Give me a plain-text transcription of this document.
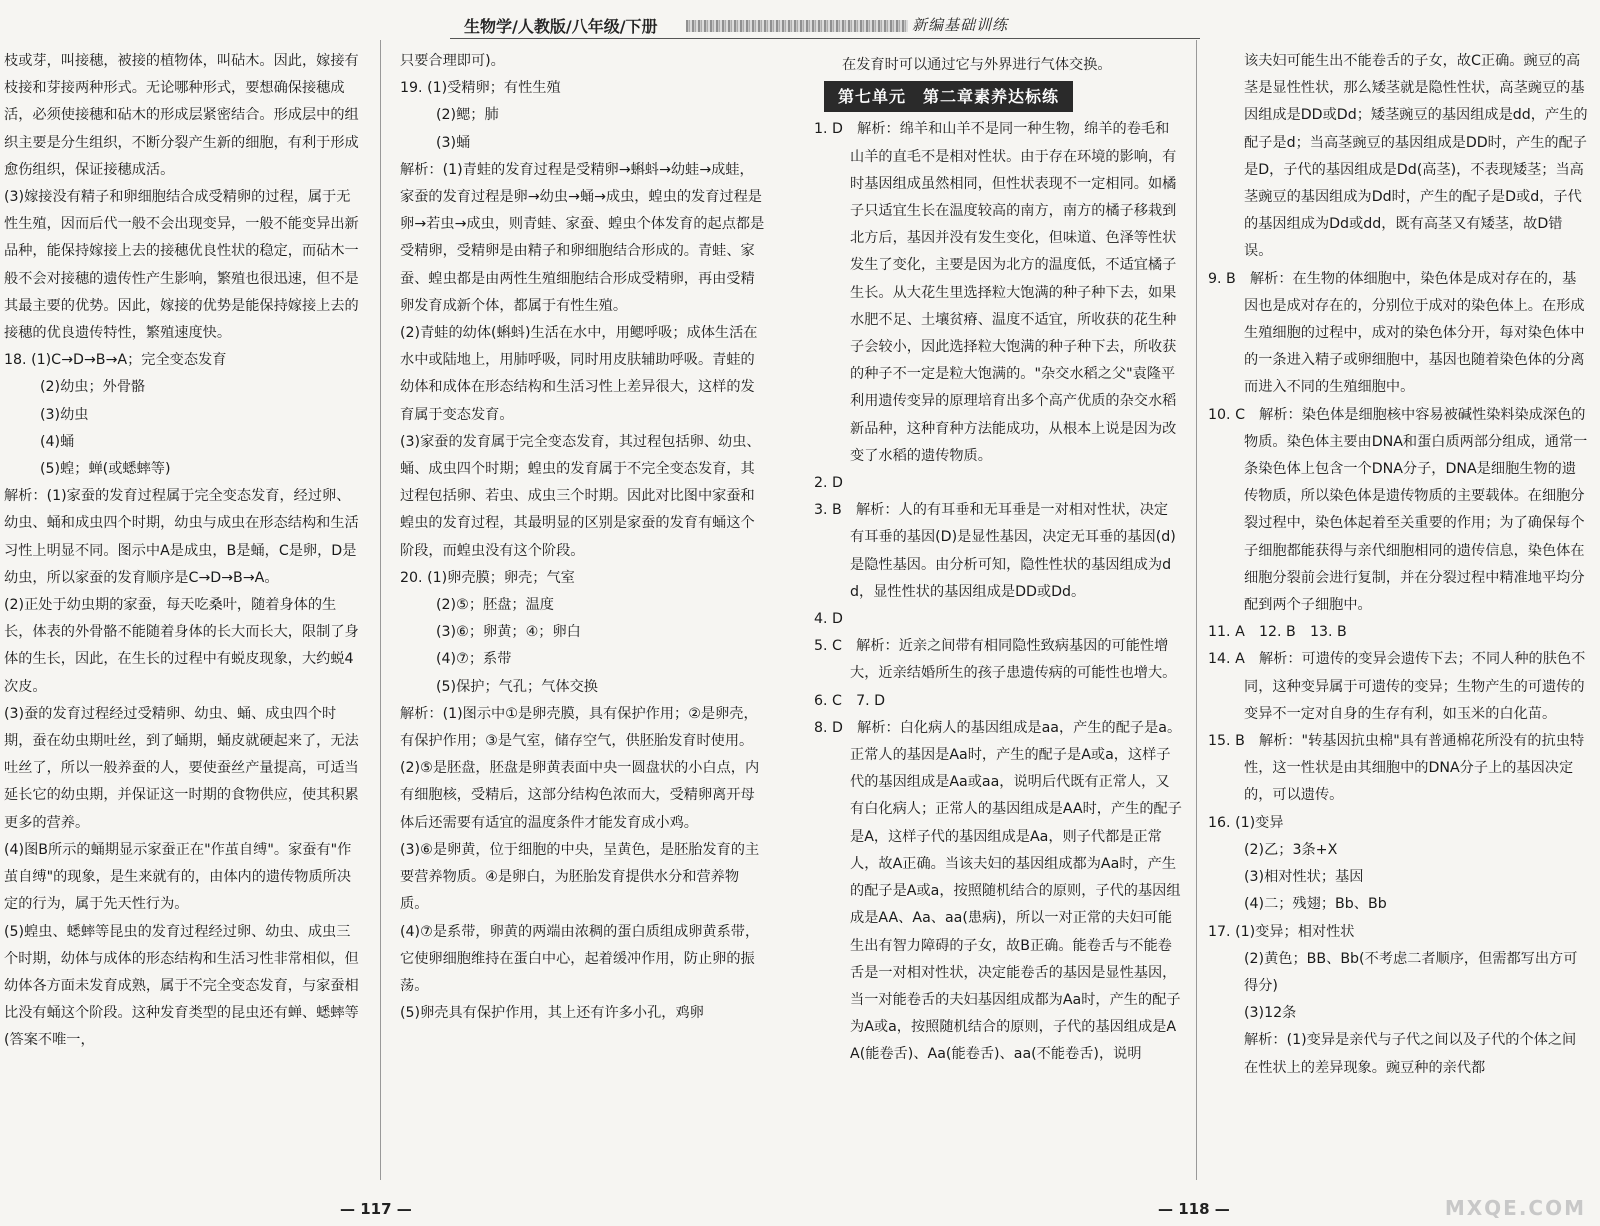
生物学/人教版/八年级/下册	新编基础训练

枝或芽，叫接穗，被接的植物体，叫砧木。因此，嫁接有枝接和芽接两种形式。无论哪种形式，要想确保接穗成活，必须使接穗和砧木的形成层紧密结合。形成层中的组织主要是分生组织，不断分裂产生新的细胞，有利于形成愈伤组织，保证接穗成活。

(3)嫁接没有精子和卵细胞结合成受精卵的过程，属于无性生殖，因而后代一般不会出现变异，一般不能变异出新品种，能保持嫁接上去的接穗优良性状的稳定，而砧木一般不会对接穗的遗传性产生影响，繁殖也很迅速，但不是其最主要的优势。因此，嫁接的优势是能保持嫁接上去的接穗的优良遗传特性，繁殖速度快。

18. (1)C→D→B→A；完全变态发育

(2)幼虫；外骨骼

(3)幼虫

(4)蛹

(5)蝗；蝉(或蟋蟀等)

解析：(1)家蚕的发育过程属于完全变态发育，经过卵、幼虫、蛹和成虫四个时期，幼虫与成虫在形态结构和生活习性上明显不同。图示中A是成虫，B是蛹，C是卵，D是幼虫，所以家蚕的发育顺序是C→D→B→A。

(2)正处于幼虫期的家蚕，每天吃桑叶，随着身体的生长，体表的外骨骼不能随着身体的长大而长大，限制了身体的生长，因此，在生长的过程中有蜕皮现象，大约蜕4次皮。

(3)蚕的发育过程经过受精卵、幼虫、蛹、成虫四个时期，蚕在幼虫期吐丝，到了蛹期，蛹皮就硬起来了，无法吐丝了，所以一般养蚕的人，要使蚕丝产量提高，可适当延长它的幼虫期，并保证这一时期的食物供应，使其积累更多的营养。

(4)图B所示的蛹期显示家蚕正在"作茧自缚"。家蚕有"作茧自缚"的现象，是生来就有的，由体内的遗传物质所决定的行为，属于先天性行为。

(5)蝗虫、蟋蟀等昆虫的发育过程经过卵、幼虫、成虫三个时期，幼体与成体的形态结构和生活习性非常相似，但幼体各方面未发育成熟，属于不完全变态发育，与家蚕相比没有蛹这个阶段。这种发育类型的昆虫还有蝉、蟋蟀等(答案不唯一，

只要合理即可)。

19. (1)受精卵；有性生殖

(2)鳃；肺

(3)蛹

解析：(1)青蛙的发育过程是受精卵→蝌蚪→幼蛙→成蛙，家蚕的发育过程是卵→幼虫→蛹→成虫，蝗虫的发育过程是卵→若虫→成虫，则青蛙、家蚕、蝗虫个体发育的起点都是受精卵，受精卵是由精子和卵细胞结合形成的。青蛙、家蚕、蝗虫都是由两性生殖细胞结合形成受精卵，再由受精卵发育成新个体，都属于有性生殖。

(2)青蛙的幼体(蝌蚪)生活在水中，用鳃呼吸；成体生活在水中或陆地上，用肺呼吸，同时用皮肤辅助呼吸。青蛙的幼体和成体在形态结构和生活习性上差异很大，这样的发育属于变态发育。

(3)家蚕的发育属于完全变态发育，其过程包括卵、幼虫、蛹、成虫四个时期；蝗虫的发育属于不完全变态发育，其过程包括卵、若虫、成虫三个时期。因此对比图中家蚕和蝗虫的发育过程，其最明显的区别是家蚕的发育有蛹这个阶段，而蝗虫没有这个阶段。

20. (1)卵壳膜；卵壳；气室

(2)⑤；胚盘；温度

(3)⑥；卵黄；④；卵白

(4)⑦；系带

(5)保护；气孔；气体交换

解析：(1)图示中①是卵壳膜，具有保护作用；②是卵壳，有保护作用；③是气室，储存空气，供胚胎发育时使用。

(2)⑤是胚盘，胚盘是卵黄表面中央一圆盘状的小白点，内有细胞核，受精后，这部分结构色浓而大，受精卵离开母体后还需要有适宜的温度条件才能发育成小鸡。

(3)⑥是卵黄，位于细胞的中央，呈黄色，是胚胎发育的主要营养物质。④是卵白，为胚胎发育提供水分和营养物质。

(4)⑦是系带，卵黄的两端由浓稠的蛋白质组成卵黄系带，它使卵细胞维持在蛋白中心，起着缓冲作用，防止卵的振荡。

(5)卵壳具有保护作用，其上还有许多小孔，鸡卵

在发育时可以通过它与外界进行气体交换。

第七单元　第二章素养达标练

1. D　解析：绵羊和山羊不是同一种生物，绵羊的卷毛和山羊的直毛不是相对性状。由于存在环境的影响，有时基因组成虽然相同，但性状表现不一定相同。如橘子只适宜生长在温度较高的南方，南方的橘子移栽到北方后，基因并没有发生变化，但味道、色泽等性状发生了变化，主要是因为北方的温度低，不适宜橘子生长。从大花生里选择粒大饱满的种子种下去，如果水肥不足、土壤贫瘠、温度不适宜，所收获的花生种子会较小，因此选择粒大饱满的种子种下去，所收获的种子不一定是粒大饱满的。"杂交水稻之父"袁隆平利用遗传变异的原理培育出多个高产优质的杂交水稻新品种，这种育种方法能成功，从根本上说是因为改变了水稻的遗传物质。

2. D

3. B　解析：人的有耳垂和无耳垂是一对相对性状，决定有耳垂的基因(D)是显性基因，决定无耳垂的基因(d)是隐性基因。由分析可知，隐性性状的基因组成为dd，显性性状的基因组成是DD或Dd。

4. D

5. C　解析：近亲之间带有相同隐性致病基因的可能性增大，近亲结婚所生的孩子患遗传病的可能性也增大。

6. C　7. D

8. D　解析：白化病人的基因组成是aa，产生的配子是a。正常人的基因是Aa时，产生的配子是A或a，这样子代的基因组成是Aa或aa，说明后代既有正常人，又有白化病人；正常人的基因组成是AA时，产生的配子是A，这样子代的基因组成是Aa，则子代都是正常人，故A正确。当该夫妇的基因组成都为Aa时，产生的配子是A或a，按照随机结合的原则，子代的基因组成是AA、Aa、aa(患病)，所以一对正常的夫妇可能生出有智力障碍的子女，故B正确。能卷舌与不能卷舌是一对相对性状，决定能卷舌的基因是显性基因，当一对能卷舌的夫妇基因组成都为Aa时，产生的配子为A或a，按照随机结合的原则，子代的基因组成是AA(能卷舌)、Aa(能卷舌)、aa(不能卷舌)，说明

该夫妇可能生出不能卷舌的子女，故C正确。豌豆的高茎是显性性状，那么矮茎就是隐性性状，高茎豌豆的基因组成是DD或Dd；矮茎豌豆的基因组成是dd，产生的配子是d；当高茎豌豆的基因组成是DD时，产生的配子是D，子代的基因组成是Dd(高茎)，不表现矮茎；当高茎豌豆的基因组成为Dd时，产生的配子是D或d，子代的基因组成为Dd或dd，既有高茎又有矮茎，故D错误。

9. B　解析：在生物的体细胞中，染色体是成对存在的，基因也是成对存在的，分别位于成对的染色体上。在形成生殖细胞的过程中，成对的染色体分开，每对染色体中的一条进入精子或卵细胞中，基因也随着染色体的分离而进入不同的生殖细胞中。

10. C　解析：染色体是细胞核中容易被碱性染料染成深色的物质。染色体主要由DNA和蛋白质两部分组成，通常一条染色体上包含一个DNA分子，DNA是细胞生物的遗传物质，所以染色体是遗传物质的主要载体。在细胞分裂过程中，染色体起着至关重要的作用；为了确保每个子细胞都能获得与亲代细胞相同的遗传信息，染色体在细胞分裂前会进行复制，并在分裂过程中精准地平均分配到两个子细胞中。

11. A　12. B　13. B

14. A　解析：可遗传的变异会遗传下去；不同人种的肤色不同，这种变异属于可遗传的变异；生物产生的可遗传的变异不一定对自身的生存有利，如玉米的白化苗。

15. B　解析："转基因抗虫棉"具有普通棉花所没有的抗虫特性，这一性状是由其细胞中的DNA分子上的基因决定的，可以遗传。

16. (1)变异

(2)乙；3条+X

(3)相对性状；基因

(4)二；残翅；Bb、Bb

17. (1)变异；相对性状

(2)黄色；BB、Bb(不考虑二者顺序，但需都写出方可得分)

(3)12条

解析：(1)变异是亲代与子代之间以及子代的个体之间在性状上的差异现象。豌豆种的亲代都

— 117 —	— 118 —	MXQE.COM
